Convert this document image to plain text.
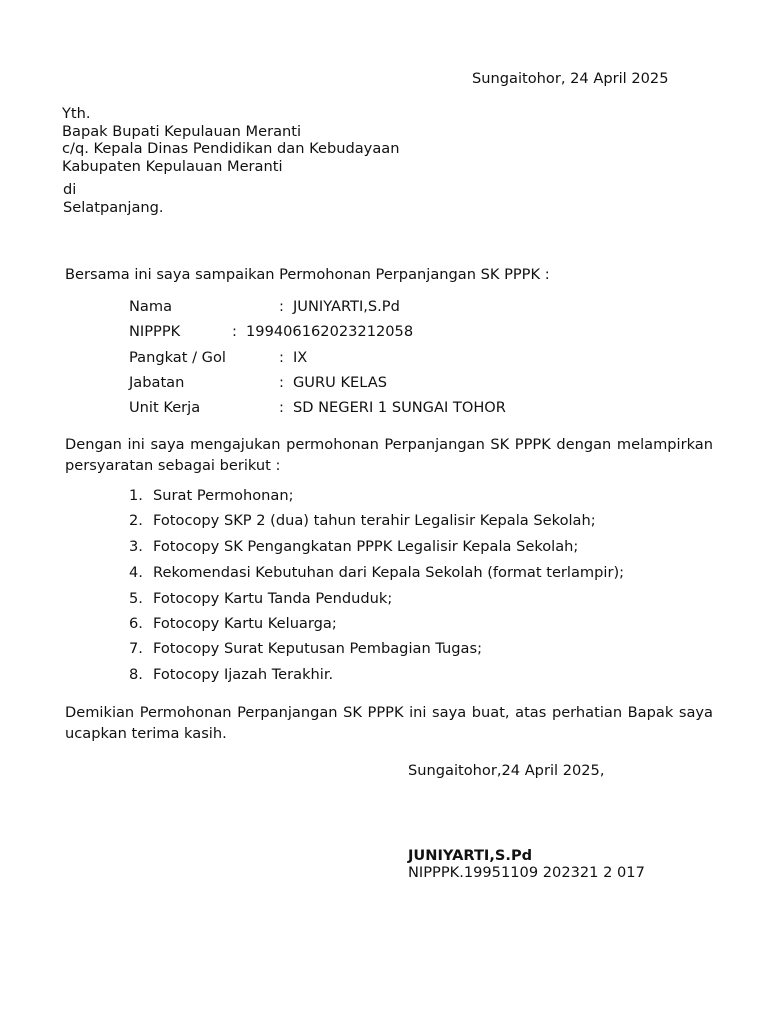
Sungaitohor, 24 April 2025
Yth.
Bapak Bupati Kepulauan Meranti
c/q. Kepala Dinas Pendidikan dan Kebudayaan
Kabupaten Kepulauan Meranti
di
Selatpanjang.
Bersama ini saya sampaikan Permohonan Perpanjangan SK PPPK :
Nama	: JUNIYARTI,S.Pd
NIPPPK	: 199406162023212058
Pangkat / Gol	: IX
Jabatan	: GURU KELAS
Unit Kerja	: SD NEGERI 1 SUNGAI TOHOR
Dengan ini saya mengajukan permohonan Perpanjangan SK PPPK dengan melampirkan persyaratan sebagai berikut :
1. Surat Permohonan;
2. Fotocopy SKP 2 (dua) tahun terahir Legalisir Kepala Sekolah;
3. Fotocopy SK Pengangkatan PPPK Legalisir Kepala Sekolah;
4. Rekomendasi Kebutuhan dari Kepala Sekolah (format terlampir);
5. Fotocopy Kartu Tanda Penduduk;
6. Fotocopy Kartu Keluarga;
7. Fotocopy Surat Keputusan Pembagian Tugas;
8. Fotocopy Ijazah Terakhir.
Demikian Permohonan Perpanjangan SK PPPK ini saya buat, atas perhatian Bapak saya ucapkan terima kasih.
Sungaitohor,24 April 2025,
JUNIYARTI,S.Pd
NIPPPK.19951109 202321 2 017
